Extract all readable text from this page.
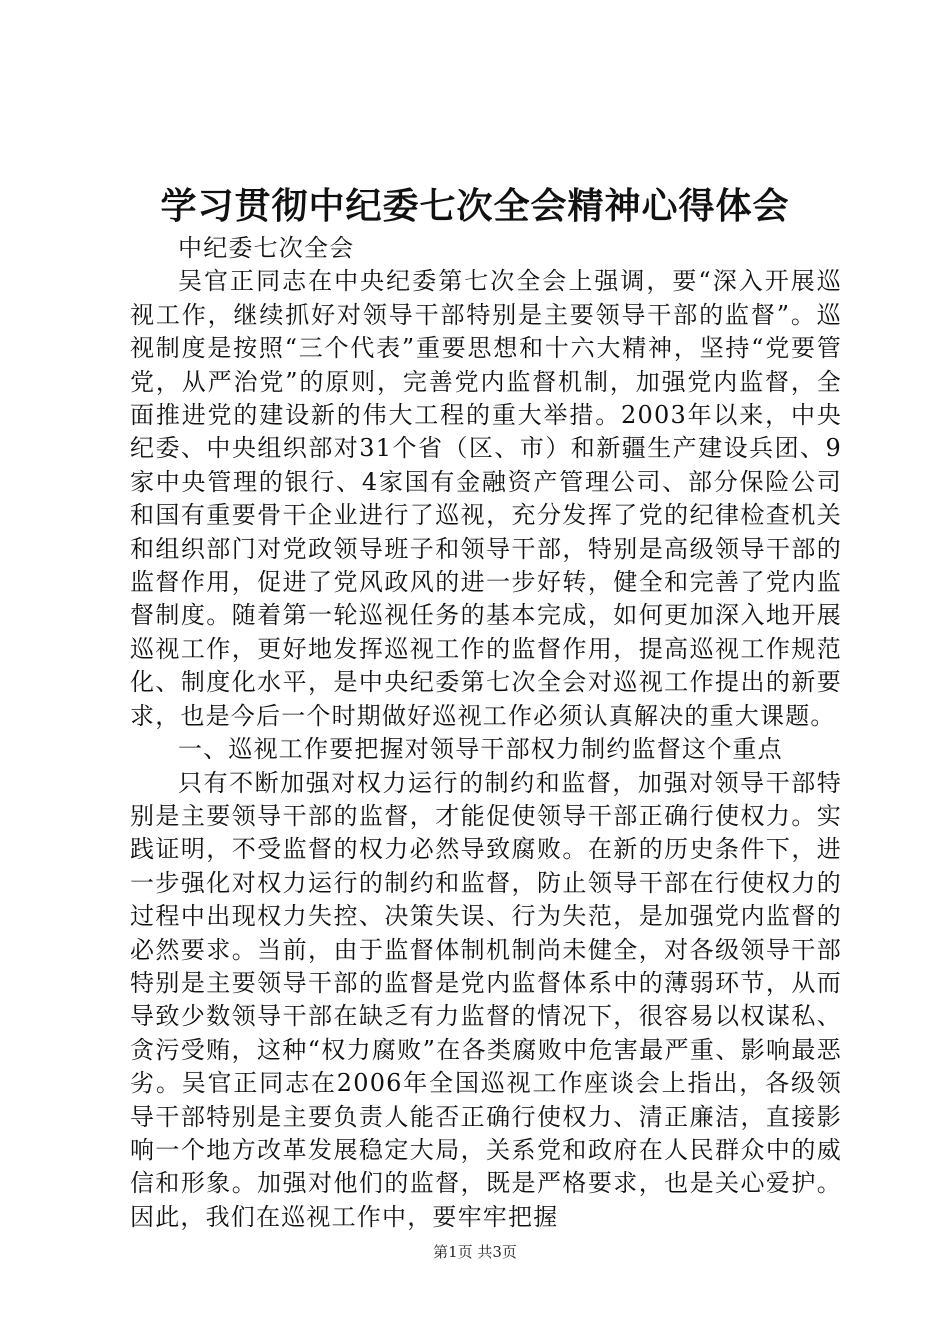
学习贯彻中纪委七次全会精神心得体会

中纪委七次全会

吴官正同志在中央纪委第七次全会上强调，要“深入开展巡视工作，继续抓好对领导干部特别是主要领导干部的监督”。巡视制度是按照“三个代表”重要思想和十六大精神，坚持“党要管党，从严治党”的原则，完善党内监督机制，加强党内监督，全面推进党的建设新的伟大工程的重大举措。2003年以来，中央纪委、中央组织部对31个省（区、市）和新疆生产建设兵团、9家中央管理的银行、4家国有金融资产管理公司、部分保险公司和国有重要骨干企业进行了巡视，充分发挥了党的纪律检查机关和组织部门对党政领导班子和领导干部，特别是高级领导干部的监督作用，促进了党风政风的进一步好转，健全和完善了党内监督制度。随着第一轮巡视任务的基本完成，如何更加深入地开展巡视工作，更好地发挥巡视工作的监督作用，提高巡视工作规范化、制度化水平，是中央纪委第七次全会对巡视工作提出的新要求，也是今后一个时期做好巡视工作必须认真解决的重大课题。

一、巡视工作要把握对领导干部权力制约监督这个重点

只有不断加强对权力运行的制约和监督，加强对领导干部特别是主要领导干部的监督，才能促使领导干部正确行使权力。实践证明，不受监督的权力必然导致腐败。在新的历史条件下，进一步强化对权力运行的制约和监督，防止领导干部在行使权力的过程中出现权力失控、决策失误、行为失范，是加强党内监督的必然要求。当前，由于监督体制机制尚未健全，对各级领导干部特别是主要领导干部的监督是党内监督体系中的薄弱环节，从而导致少数领导干部在缺乏有力监督的情况下，很容易以权谋私、贪污受贿，这种“权力腐败”在各类腐败中危害最严重、影响最恶劣。吴官正同志在2006年全国巡视工作座谈会上指出，各级领导干部特别是主要负责人能否正确行使权力、清正廉洁，直接影响一个地方改革发展稳定大局，关系党和政府在人民群众中的威信和形象。加强对他们的监督，既是严格要求，也是关心爱护。因此，我们在巡视工作中，要牢牢把握

第1页 共3页
